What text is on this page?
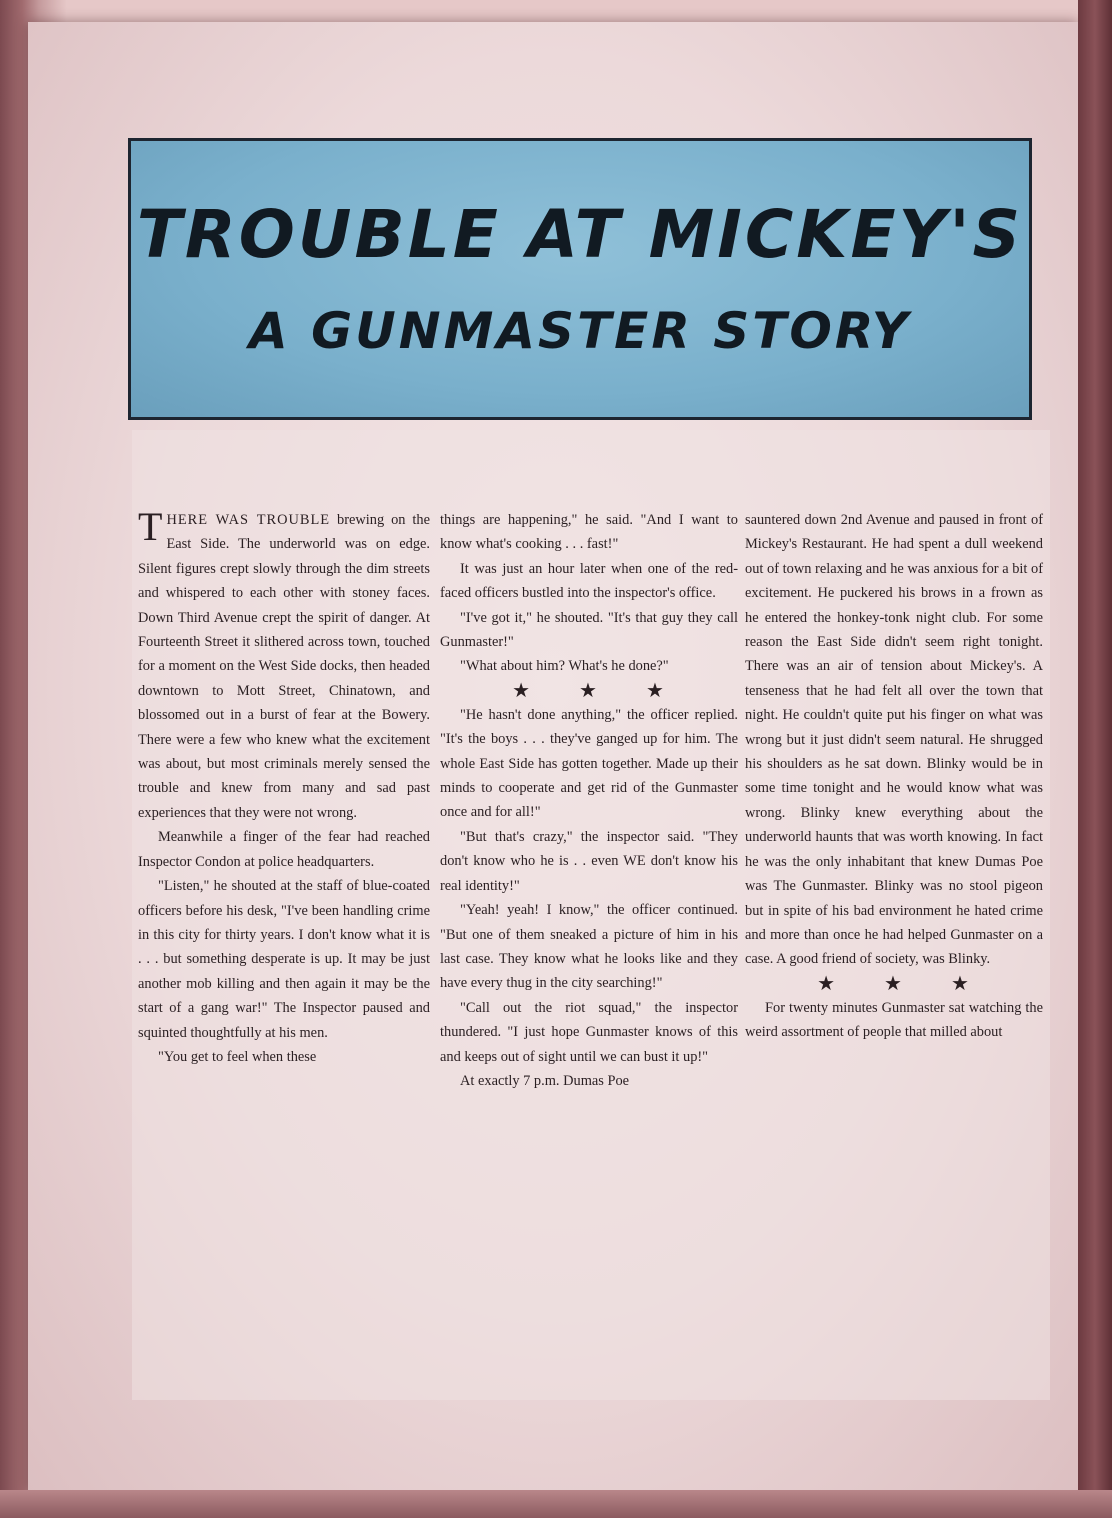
TROUBLE AT MICKEY'S
A GUNMASTER STORY

THERE WAS TROUBLE brewing on the East Side. The underworld was on edge. Silent figures crept slowly through the dim streets and whispered to each other with stoney faces. Down Third Avenue crept the spirit of danger. At Fourteenth Street it slithered across town, touched for a moment on the West Side docks, then headed downtown to Mott Street, Chinatown, and blossomed out in a burst of fear at the Bowery. There were a few who knew what the excitement was about, but most criminals merely sensed the trouble and knew from many and sad past experiences that they were not wrong.

Meanwhile a finger of the fear had reached Inspector Condon at police headquarters.

"Listen," he shouted at the staff of blue-coated officers before his desk, "I've been handling crime in this city for thirty years. I don't know what it is . . . but something desperate is up. It may be just another mob killing and then again it may be the start of a gang war!" The Inspector paused and squinted thoughtfully at his men.

"You get to feel when these

things are happening," he said. "And I want to know what's cooking . . . fast!"

It was just an hour later when one of the red-faced officers bustled into the inspector's office.

"I've got it," he shouted. "It's that guy they call Gunmaster!"

"What about him? What's he done?"

★ ★ ★

"He hasn't done anything," the officer replied. "It's the boys . . . they've ganged up for him. The whole East Side has gotten together. Made up their minds to cooperate and get rid of the Gunmaster once and for all!"

"But that's crazy," the inspector said. "They don't know who he is . . even WE don't know his real identity!"

"Yeah! yeah! I know," the officer continued. "But one of them sneaked a picture of him in his last case. They know what he looks like and they have every thug in the city searching!"

"Call out the riot squad," the inspector thundered. "I just hope Gunmaster knows of this and keeps out of sight until we can bust it up!"

At exactly 7 p.m. Dumas Poe

sauntered down 2nd Avenue and paused in front of Mickey's Restaurant. He had spent a dull weekend out of town relaxing and he was anxious for a bit of excitement. He puckered his brows in a frown as he entered the honkey-tonk night club. For some reason the East Side didn't seem right tonight. There was an air of tension about Mickey's. A tenseness that he had felt all over the town that night. He couldn't quite put his finger on what was wrong but it just didn't seem natural. He shrugged his shoulders as he sat down. Blinky would be in some time tonight and he would know what was wrong. Blinky knew everything about the underworld haunts that was worth knowing. In fact he was the only inhabitant that knew Dumas Poe was The Gunmaster. Blinky was no stool pigeon but in spite of his bad environment he hated crime and more than once he had helped Gunmaster on a case. A good friend of society, was Blinky.

★ ★ ★

For twenty minutes Gunmaster sat watching the weird assortment of people that milled about
